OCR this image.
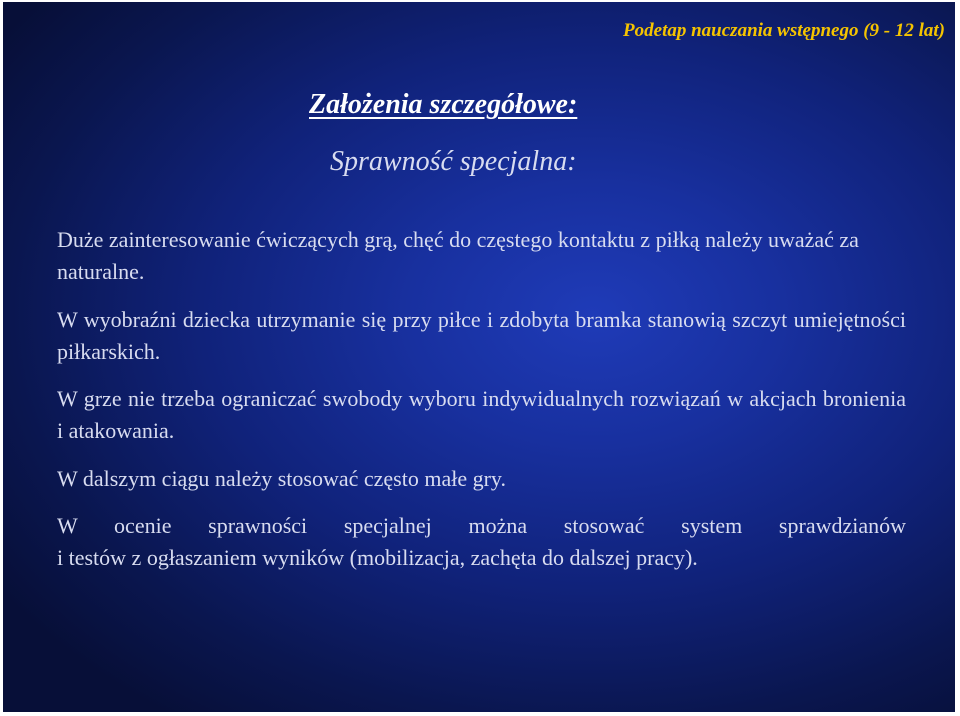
Podetap nauczania wstępnego (9 - 12 lat)
Założenia szczegółowe:
Sprawność specjalna:
Duże zainteresowanie ćwiczących grą, chęć do częstego kontaktu z piłką należy uważać za naturalne.
W wyobraźni dziecka utrzymanie się przy piłce i zdobyta bramka stanowią szczyt umiejętności piłkarskich.
W grze nie trzeba ograniczać swobody wyboru indywidualnych rozwiązań w akcjach bronienia i atakowania.
W dalszym ciągu należy stosować często małe gry.
W ocenie sprawności specjalnej można stosować system sprawdzianów
i testów z ogłaszaniem wyników (mobilizacja, zachęta do dalszej pracy).
